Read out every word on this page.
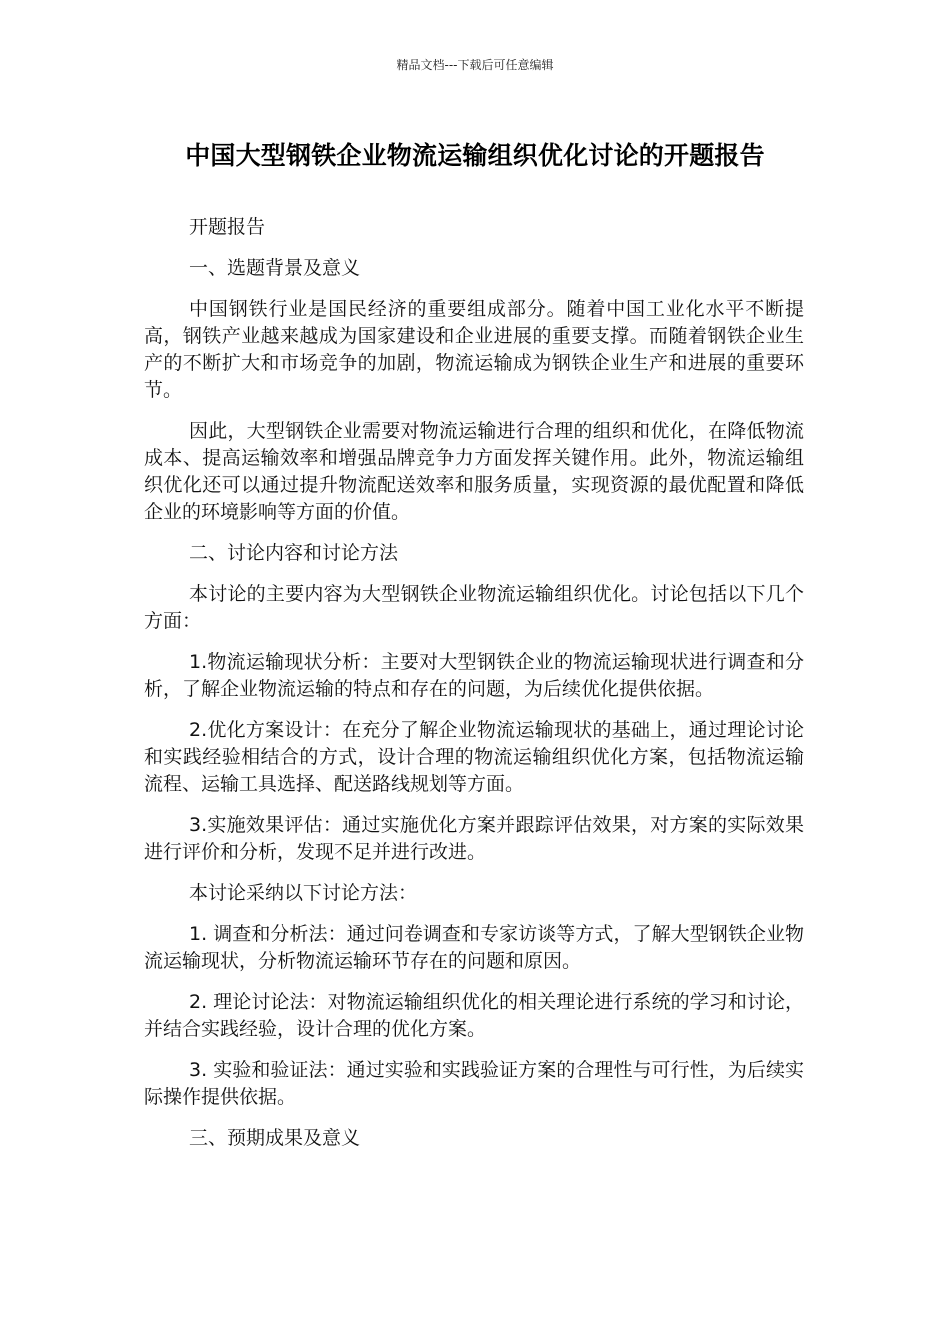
精品文档---下载后可任意编辑
中国大型钢铁企业物流运输组织优化讨论的开题报告

开题报告

一、选题背景及意义

中国钢铁行业是国民经济的重要组成部分。随着中国工业化水平不断提高，钢铁产业越来越成为国家建设和企业进展的重要支撑。而随着钢铁企业生产的不断扩大和市场竞争的加剧，物流运输成为钢铁企业生产和进展的重要环节。

因此，大型钢铁企业需要对物流运输进行合理的组织和优化，在降低物流成本、提高运输效率和增强品牌竞争力方面发挥关键作用。此外，物流运输组织优化还可以通过提升物流配送效率和服务质量，实现资源的最优配置和降低企业的环境影响等方面的价值。

二、讨论内容和讨论方法

本讨论的主要内容为大型钢铁企业物流运输组织优化。讨论包括以下几个方面：

1.物流运输现状分析：主要对大型钢铁企业的物流运输现状进行调查和分析，了解企业物流运输的特点和存在的问题，为后续优化提供依据。

2.优化方案设计：在充分了解企业物流运输现状的基础上，通过理论讨论和实践经验相结合的方式，设计合理的物流运输组织优化方案，包括物流运输流程、运输工具选择、配送路线规划等方面。

3.实施效果评估：通过实施优化方案并跟踪评估效果，对方案的实际效果进行评价和分析，发现不足并进行改进。

本讨论采纳以下讨论方法：

1. 调查和分析法：通过问卷调查和专家访谈等方式，了解大型钢铁企业物流运输现状，分析物流运输环节存在的问题和原因。

2. 理论讨论法：对物流运输组织优化的相关理论进行系统的学习和讨论，并结合实践经验，设计合理的优化方案。

3. 实验和验证法：通过实验和实践验证方案的合理性与可行性，为后续实际操作提供依据。

三、预期成果及意义
